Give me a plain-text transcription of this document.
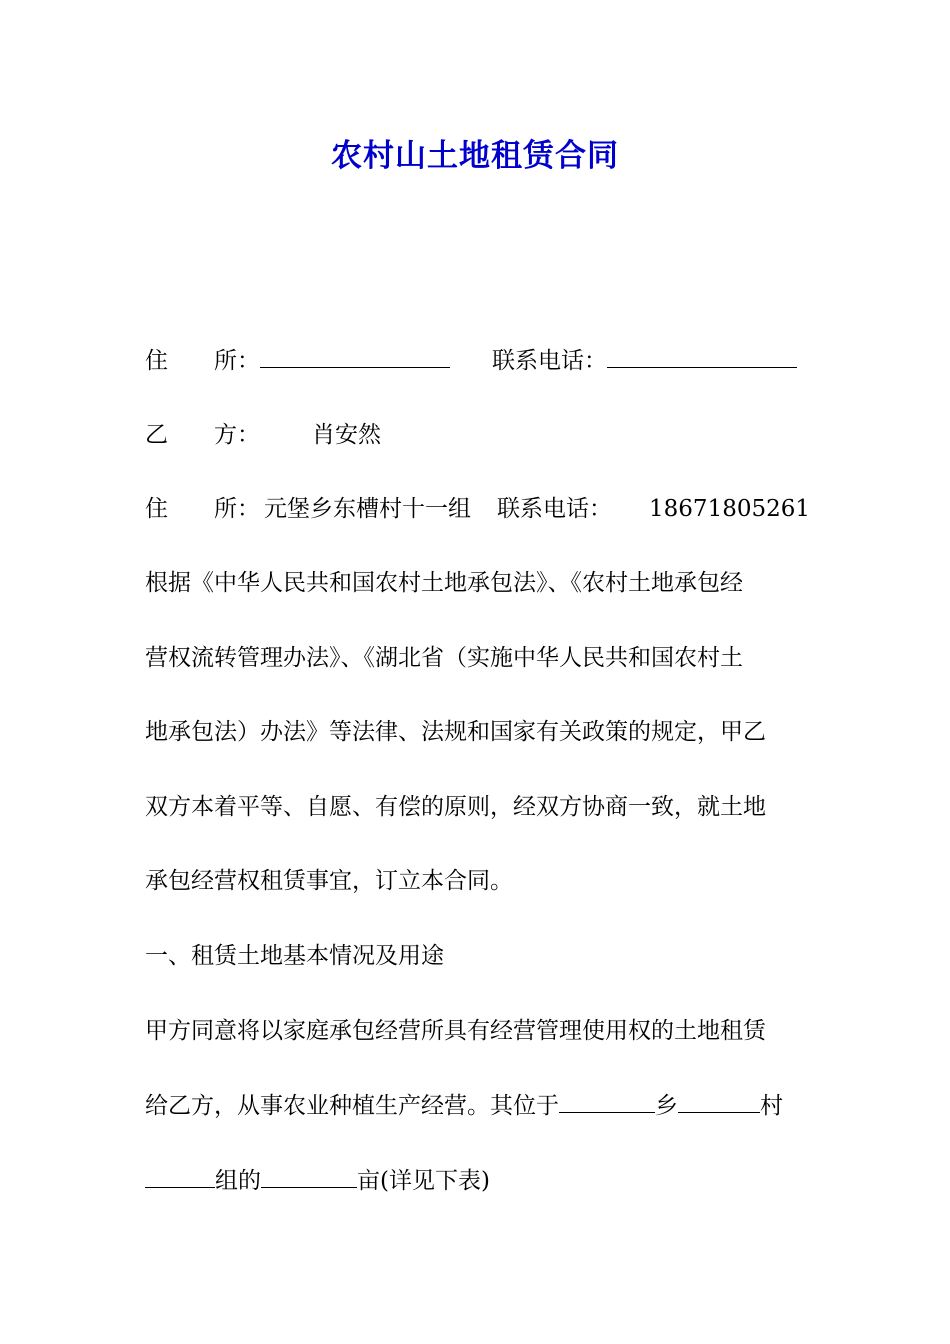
农村山土地租赁合同
住　　所：	联系电话：
乙　　方： 肖安然
住　　所： 元堡乡东槽村十一组 联系电话： 18671805261
根据《中华人民共和国农村土地承包法》、《农村土地承包经
营权流转管理办法》、《湖北省（实施中华人民共和国农村土
地承包法）办法》等法律、法规和国家有关政策的规定，甲乙
双方本着平等、自愿、有偿的原则，经双方协商一致，就土地
承包经营权租赁事宜，订立本合同。
一、租赁土地基本情况及用途
甲方同意将以家庭承包经营所具有经营管理使用权的土地租赁
给乙方，从事农业种植生产经营。其位于	乡	村
组的	亩(详见下表)
